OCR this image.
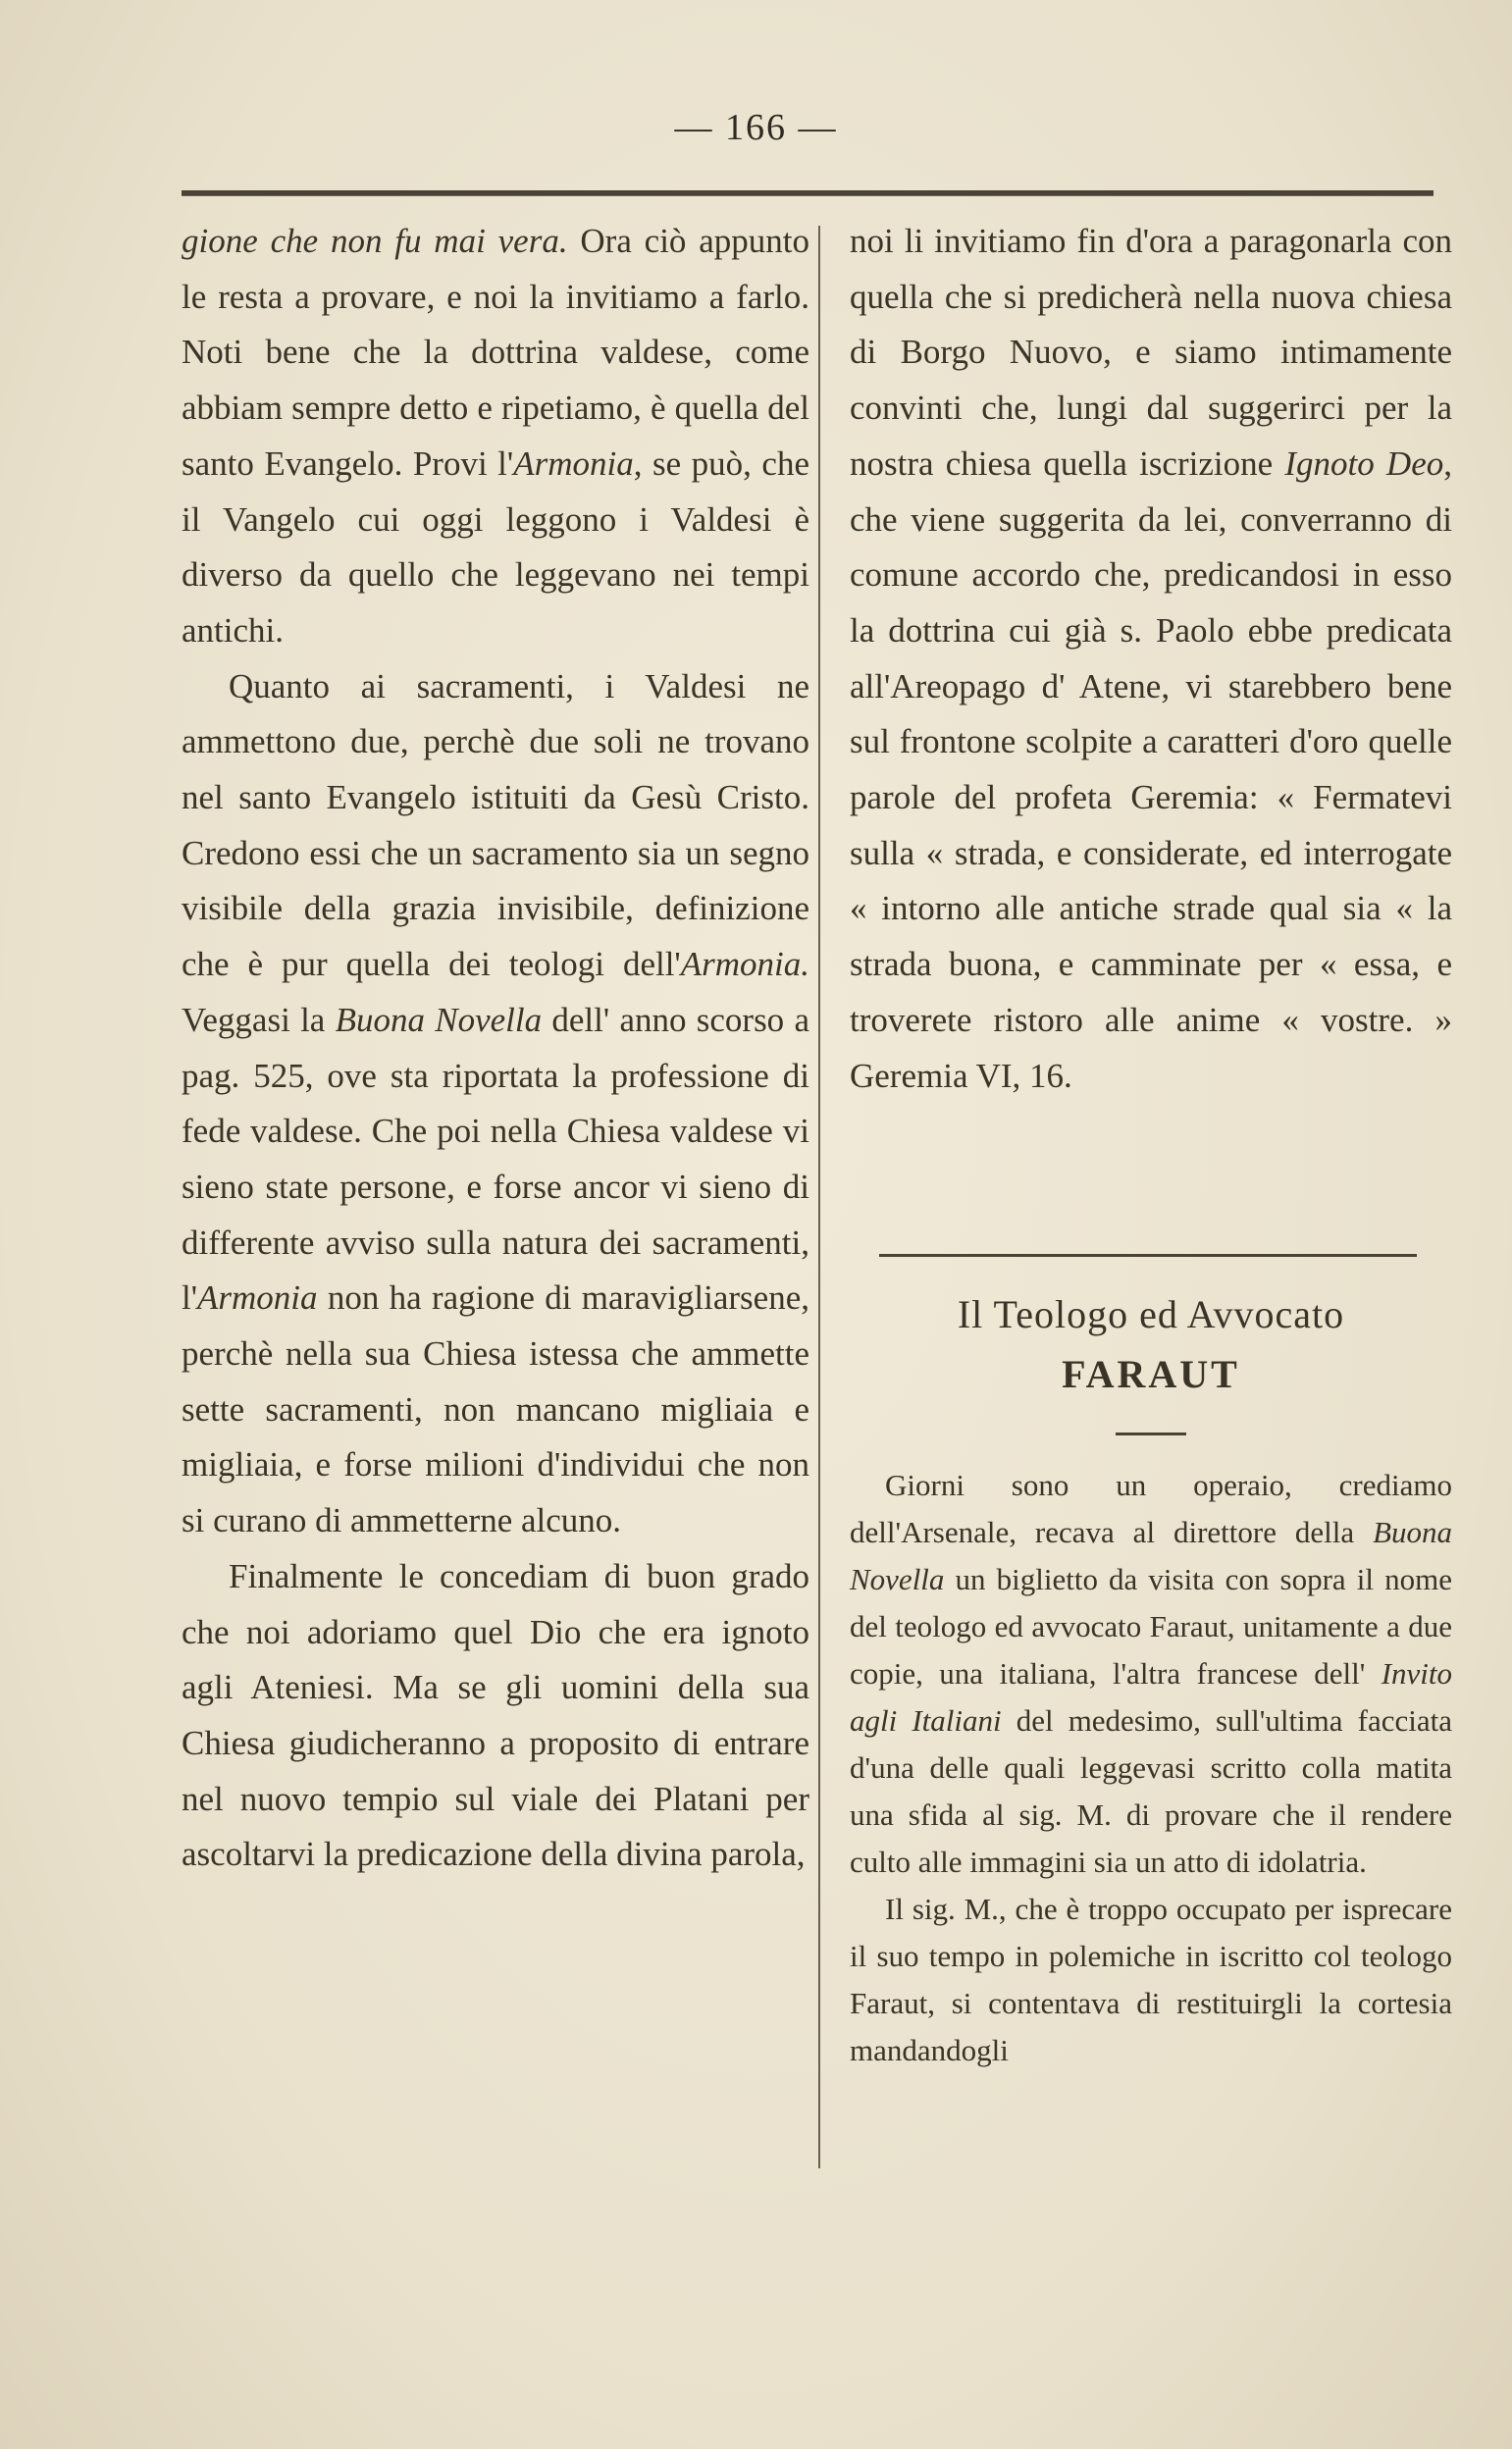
— 166 —

gione che non fu mai vera. Ora ciò appunto le resta a provare, e noi la invitiamo a farlo. Noti bene che la dottrina valdese, come abbiam sempre detto e ripetiamo, è quella del santo Evangelo. Provi l'Armonia, se può, che il Vangelo cui oggi leggono i Valdesi è diverso da quello che leggevano nei tempi antichi.

Quanto ai sacramenti, i Valdesi ne ammettono due, perchè due soli ne trovano nel santo Evangelo istituiti da Gesù Cristo. Credono essi che un sacramento sia un segno visibile della grazia invisibile, definizione che è pur quella dei teologi dell'Armonia. Veggasi la Buona Novella dell' anno scorso a pag. 525, ove sta riportata la professione di fede valdese. Che poi nella Chiesa valdese vi sieno state persone, e forse ancor vi sieno di differente avviso sulla natura dei sacramenti, l'Armonia non ha ragione di maravigliarsene, perchè nella sua Chiesa istessa che ammette sette sacramenti, non mancano migliaia e migliaia, e forse milioni d'individui che non si curano di ammetterne alcuno.

Finalmente le concediam di buon grado che noi adoriamo quel Dio che era ignoto agli Ateniesi. Ma se gli uomini della sua Chiesa giudicheranno a proposito di entrare nel nuovo tempio sul viale dei Platani per ascoltarvi la predicazione della divina parola,

noi li invitiamo fin d'ora a paragonarla con quella che si predicherà nella nuova chiesa di Borgo Nuovo, e siamo intimamente convinti che, lungi dal suggerirci per la nostra chiesa quella iscrizione Ignoto Deo, che viene suggerita da lei, converranno di comune accordo che, predicandosi in esso la dottrina cui già s. Paolo ebbe predicata all'Areopago d' Atene, vi starebbero bene sul frontone scolpite a caratteri d'oro quelle parole del profeta Geremia: « Fermatevi sulla « strada, e considerate, ed interrogate « intorno alle antiche strade qual sia « la strada buona, e camminate per « essa, e troverete ristoro alle anime « vostre. » Geremia VI, 16.

Il Teologo ed Avvocato
FARAUT

Giorni sono un operaio, crediamo dell'Arsenale, recava al direttore della Buona Novella un biglietto da visita con sopra il nome del teologo ed avvocato Faraut, unitamente a due copie, una italiana, l'altra francese dell' Invito agli Italiani del medesimo, sull'ultima facciata d'una delle quali leggevasi scritto colla matita una sfida al sig. M. di provare che il rendere culto alle immagini sia un atto di idolatria.

Il sig. M., che è troppo occupato per isprecare il suo tempo in polemiche in iscritto col teologo Faraut, si contentava di restituirgli la cortesia mandandogli
